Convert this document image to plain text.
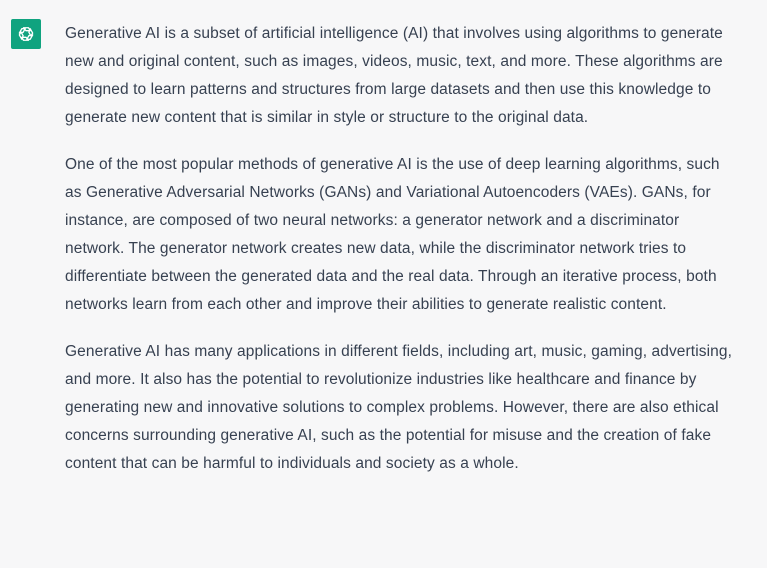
Generative AI is a subset of artificial intelligence (AI) that involves using algorithms to generate new and original content, such as images, videos, music, text, and more. These algorithms are designed to learn patterns and structures from large datasets and then use this knowledge to generate new content that is similar in style or structure to the original data.

One of the most popular methods of generative AI is the use of deep learning algorithms, such as Generative Adversarial Networks (GANs) and Variational Autoencoders (VAEs). GANs, for instance, are composed of two neural networks: a generator network and a discriminator network. The generator network creates new data, while the discriminator network tries to differentiate between the generated data and the real data. Through an iterative process, both networks learn from each other and improve their abilities to generate realistic content.

Generative AI has many applications in different fields, including art, music, gaming, advertising, and more. It also has the potential to revolutionize industries like healthcare and finance by generating new and innovative solutions to complex problems. However, there are also ethical concerns surrounding generative AI, such as the potential for misuse and the creation of fake content that can be harmful to individuals and society as a whole.
